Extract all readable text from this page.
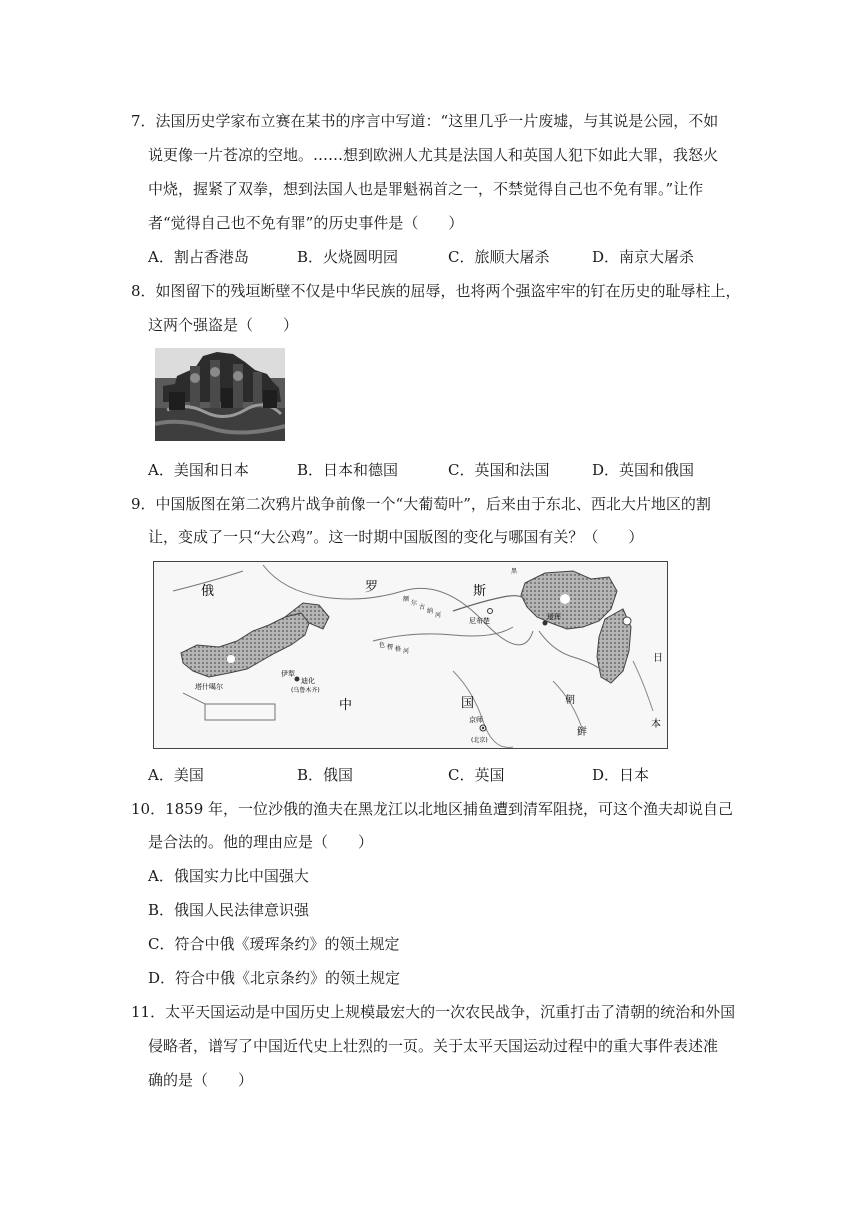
7．法国历史学家布立赛在某书的序言中写道：“这里几乎一片废墟，与其说是公园，不如
说更像一片苍凉的空地。……想到欧洲人尤其是法国人和英国人犯下如此大罪，我怒火
中烧，握紧了双拳，想到法国人也是罪魁祸首之一，不禁觉得自己也不免有罪。”让作
者“觉得自己也不免有罪”的历史事件是（　　）
A．割占香港岛	B．火烧圆明园	C．旅顺大屠杀	D．南京大屠杀
8．如图留下的残垣断壁不仅是中华民族的屈辱，也将两个强盗牢牢的钉在历史的耻辱柱上，
这两个强盗是（　　）
A．美国和日本	B．日本和德国	C．英国和法国	D．英国和俄国
9．中国版图在第二次鸦片战争前像一个“大葡萄叶”，后来由于东北、西北大片地区的割
让，变成了一只“大公鸡”。这一时期中国版图的变化与哪国有关？（　　）
俄	罗	斯
中	国
尼布楚	瑷珲
伊犁
塔什噶尔
迪化
(乌鲁木齐)
京师
(北京)
朝
鲜
日
本
黑
额
尔
古
纳
河
色 楞 格 河
A．美国	B．俄国	C．英国	D．日本
10．1859 年，一位沙俄的渔夫在黑龙江以北地区捕鱼遭到清军阻挠，可这个渔夫却说自己
是合法的。他的理由应是（　　）
A．俄国实力比中国强大
B．俄国人民法律意识强
C．符合中俄《瑷珲条约》的领土规定
D．符合中俄《北京条约》的领土规定
11．太平天国运动是中国历史上规模最宏大的一次农民战争，沉重打击了清朝的统治和外国
侵略者，谱写了中国近代史上壮烈的一页。关于太平天国运动过程中的重大事件表述准
确的是（　　）
